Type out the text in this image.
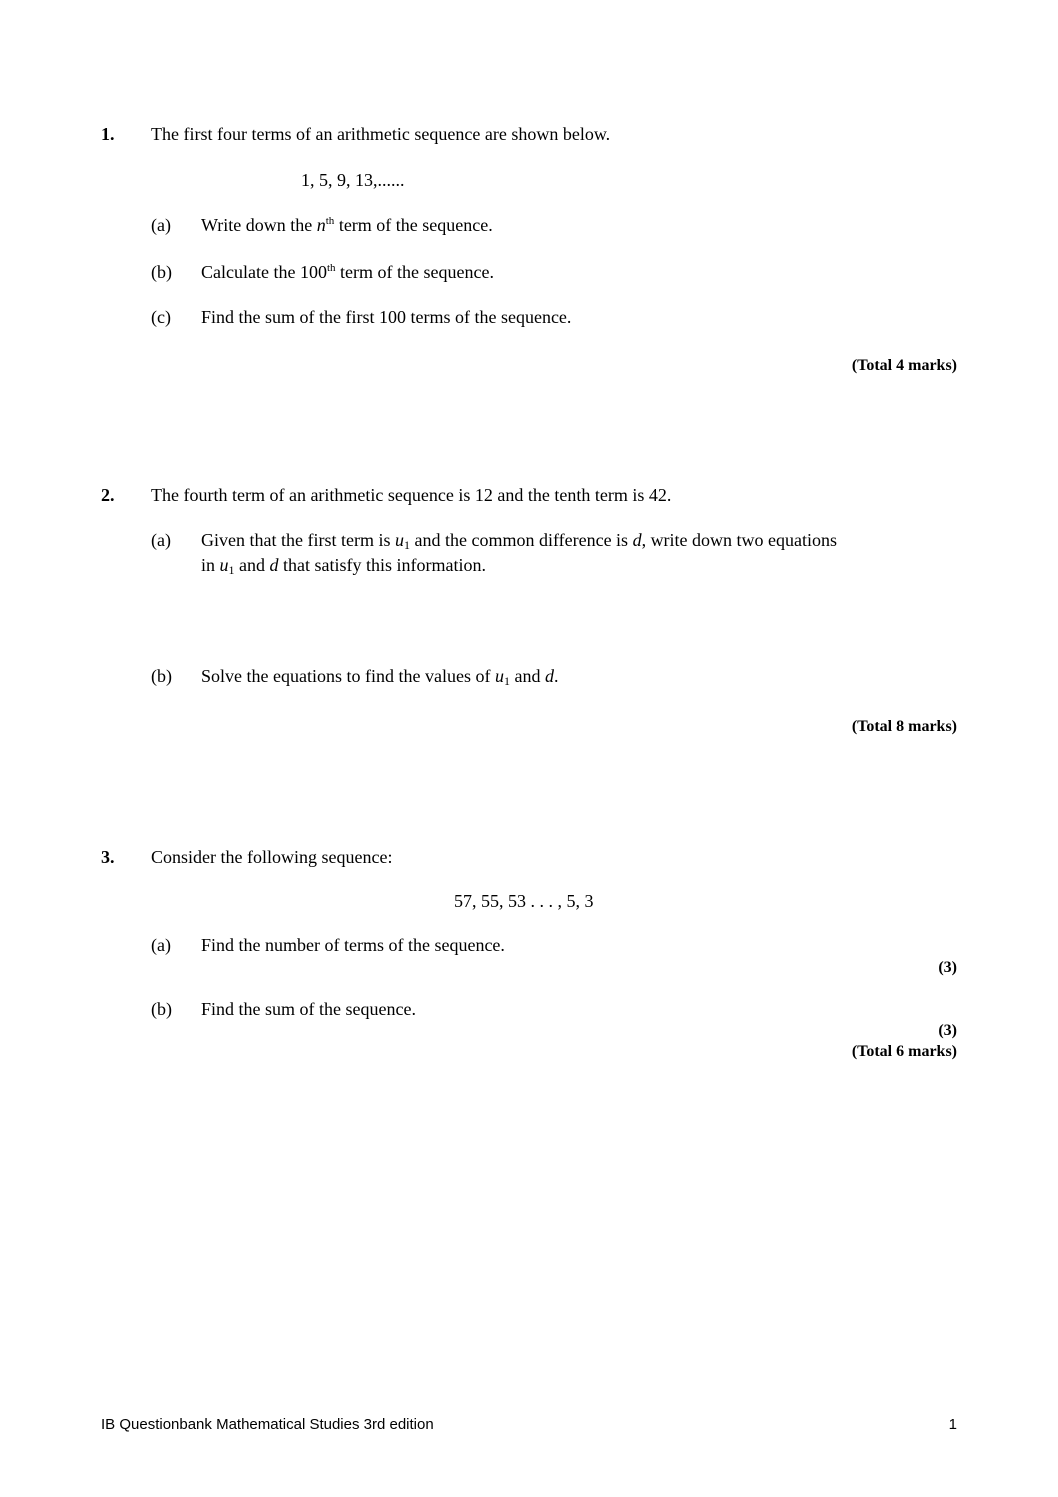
1. The first four terms of an arithmetic sequence are shown below.
1, 5, 9, 13,......
(a) Write down the $n^{th}$ term of the sequence.
(b) Calculate the 100th term of the sequence.
(c) Find the sum of the first 100 terms of the sequence.
(Total 4 marks)
2. The fourth term of an arithmetic sequence is 12 and the tenth term is 42.
(a) Given that the first term is $u_1$ and the common difference is d, write down two equations
in $u_1$ and d that satisfy this information.
(b) Solve the equations to find the values of $u_1$ and d.
(Total 8 marks)
3. Consider the following sequence:
57, 55, 53 . . . , 5, 3
(a) Find the number of terms of the sequence.
(3)
(b) Find the sum of the sequence.
(3)
(Total 6 marks)
IB Questionbank Mathematical Studies 3rd edition	1
